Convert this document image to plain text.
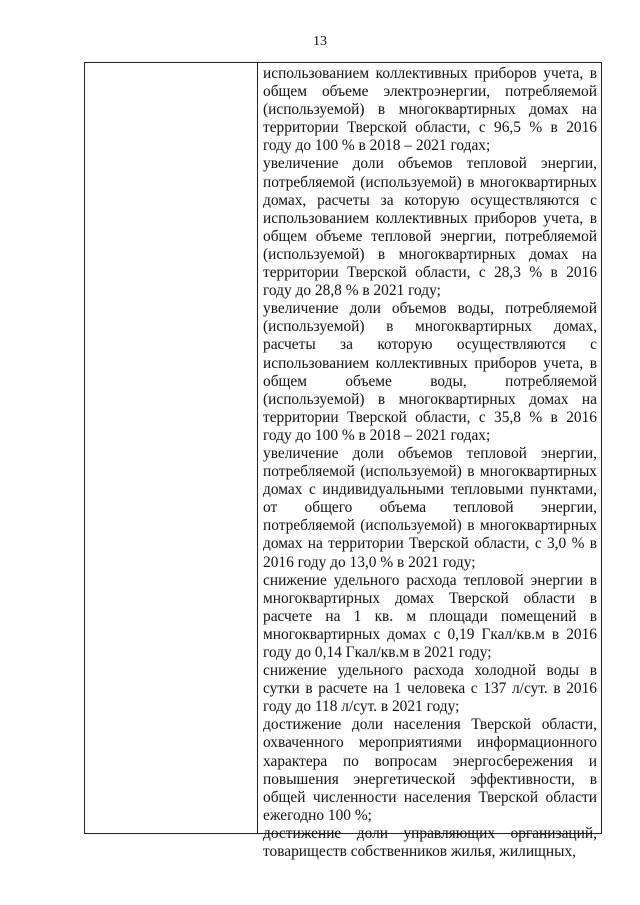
13

использованием коллективных приборов учета, в общем объеме электроэнергии, потребляемой (используемой) в многоквартирных домах на территории Тверской области, с 96,5 % в 2016 году до 100 % в 2018 – 2021 годах;

увеличение доли объемов тепловой энергии, потребляемой (используемой) в многоквартирных домах, расчеты за которую осуществляются с использованием коллективных приборов учета, в общем объеме тепловой энергии, потребляемой (используемой) в многоквартирных домах на территории Тверской области, с 28,3 % в 2016 году до 28,8 % в 2021 году;

увеличение доли объемов воды, потребляемой (используемой) в многоквартирных домах, расчеты за которую осуществляются с использованием коллективных приборов учета, в общем объеме воды, потребляемой (используемой) в многоквартирных домах на территории Тверской области, с 35,8 % в 2016 году до 100 % в 2018 – 2021 годах;

увеличение доли объемов тепловой энергии, потребляемой (используемой) в многоквартирных домах с индивидуальными тепловыми пунктами, от общего объема тепловой энергии, потребляемой (используемой) в многоквартирных домах на территории Тверской области, с 3,0 % в 2016 году до 13,0 % в 2021 году;

снижение удельного расхода тепловой энергии в многоквартирных домах Тверской области в расчете на 1 кв. м площади помещений в многоквартирных домах с 0,19 Гкал/кв.м в 2016 году до 0,14 Гкал/кв.м в 2021 году;

снижение удельного расхода холодной воды в сутки в расчете на 1 человека с 137 л/сут. в 2016 году до 118 л/сут. в 2021 году;

достижение доли населения Тверской области, охваченного мероприятиями информационного характера по вопросам энергосбережения и повышения энергетической эффективности, в общей численности населения Тверской области ежегодно 100 %;

достижение доли управляющих организаций, товариществ собственников жилья, жилищных,
